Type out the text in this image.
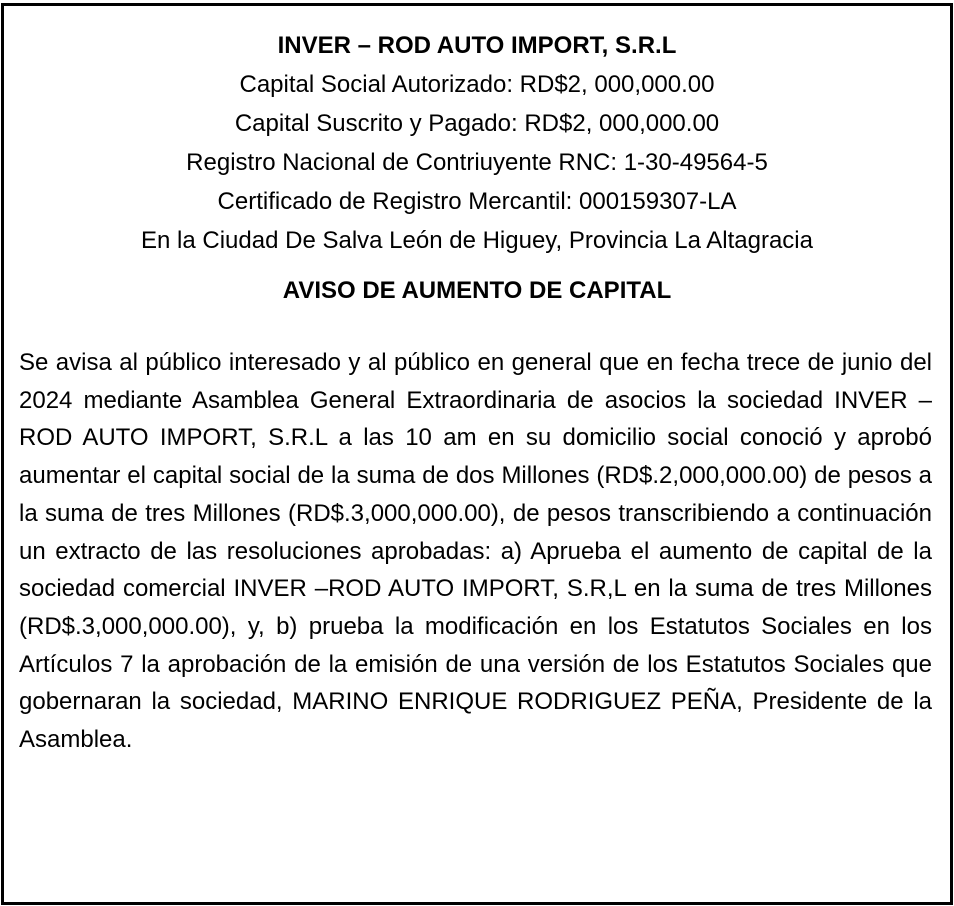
INVER – ROD AUTO IMPORT, S.R.L
Capital Social Autorizado: RD$2, 000,000.00
Capital Suscrito y Pagado: RD$2, 000,000.00
Registro Nacional de Contriuyente RNC: 1-30-49564-5
Certificado de Registro Mercantil: 000159307-LA
En la Ciudad De Salva León de Higuey, Provincia La Altagracia
AVISO DE AUMENTO DE CAPITAL

Se avisa al público interesado y al público en general que en fecha trece de junio del 2024 mediante Asamblea General Extraordinaria de asocios la sociedad INVER –ROD AUTO IMPORT, S.R.L a las 10 am en su domicilio social conoció y aprobó aumentar el capital social de la suma de dos Millones (RD$.2,000,000.00) de pesos a la suma de tres Millones (RD$.3,000,000.00), de pesos transcribiendo a continuación un extracto de las resoluciones aprobadas: a) Aprueba el aumento de capital de la sociedad comercial INVER –ROD AUTO IMPORT, S.R,L en la suma de tres Millones (RD$.3,000,000.00), y, b) prueba la modificación en los Estatutos Sociales en los Artículos 7 la aprobación de la emisión de una versión de los Estatutos Sociales que gobernaran la sociedad, MARINO ENRIQUE RODRIGUEZ PEÑA, Presidente de la Asamblea.
